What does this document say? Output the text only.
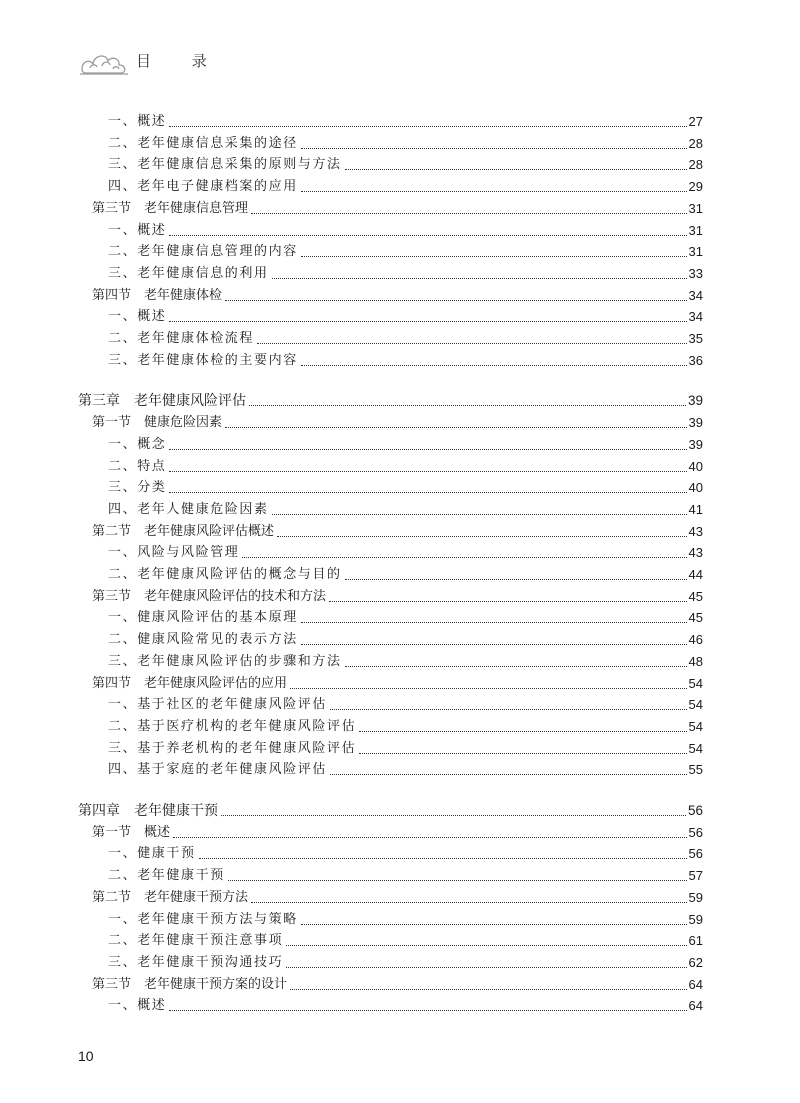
目 录
一、概述	27
二、老年健康信息采集的途径	28
三、老年健康信息采集的原则与方法	28
四、老年电子健康档案的应用	29
第三节　老年健康信息管理	31
一、概述	31
二、老年健康信息管理的内容	31
三、老年健康信息的利用	33
第四节　老年健康体检	34
一、概述	34
二、老年健康体检流程	35
三、老年健康体检的主要内容	36
第三章　老年健康风险评估	39
第一节　健康危险因素	39
一、概念	39
二、特点	40
三、分类	40
四、老年人健康危险因素	41
第二节　老年健康风险评估概述	43
一、风险与风险管理	43
二、老年健康风险评估的概念与目的	44
第三节　老年健康风险评估的技术和方法	45
一、健康风险评估的基本原理	45
二、健康风险常见的表示方法	46
三、老年健康风险评估的步骤和方法	48
第四节　老年健康风险评估的应用	54
一、基于社区的老年健康风险评估	54
二、基于医疗机构的老年健康风险评估	54
三、基于养老机构的老年健康风险评估	54
四、基于家庭的老年健康风险评估	55
第四章　老年健康干预	56
第一节　概述	56
一、健康干预	56
二、老年健康干预	57
第二节　老年健康干预方法	59
一、老年健康干预方法与策略	59
二、老年健康干预注意事项	61
三、老年健康干预沟通技巧	62
第三节　老年健康干预方案的设计	64
一、概述	64
10
